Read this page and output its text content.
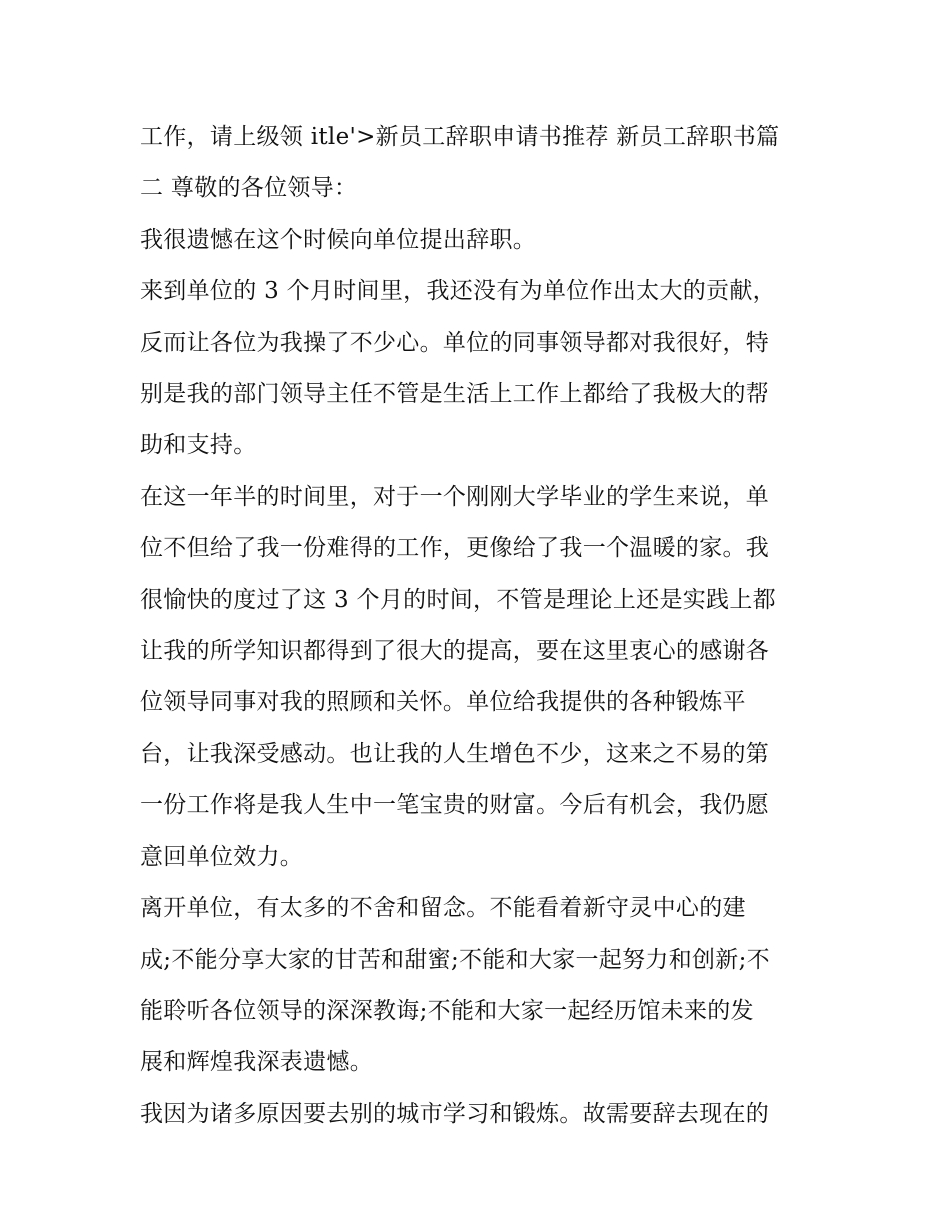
工作，请上级领 itle'>新员工辞职申请书推荐 新员工辞职书篇

二 尊敬的各位领导：

我很遗憾在这个时候向单位提出辞职。

来到单位的 3 个月时间里，我还没有为单位作出太大的贡献，

反而让各位为我操了不少心。单位的同事领导都对我很好，特

别是我的部门领导主任不管是生活上工作上都给了我极大的帮

助和支持。

在这一年半的时间里，对于一个刚刚大学毕业的学生来说，单

位不但给了我一份难得的工作，更像给了我一个温暖的家。我

很愉快的度过了这 3 个月的时间，不管是理论上还是实践上都

让我的所学知识都得到了很大的提高，要在这里衷心的感谢各

位领导同事对我的照顾和关怀。单位给我提供的各种锻炼平

台，让我深受感动。也让我的人生增色不少，这来之不易的第

一份工作将是我人生中一笔宝贵的财富。今后有机会，我仍愿

意回单位效力。

离开单位，有太多的不舍和留念。不能看着新守灵中心的建

成;不能分享大家的甘苦和甜蜜;不能和大家一起努力和创新;不

能聆听各位领导的深深教诲;不能和大家一起经历馆未来的发

展和辉煌我深表遗憾。

我因为诸多原因要去别的城市学习和锻炼。故需要辞去现在的
